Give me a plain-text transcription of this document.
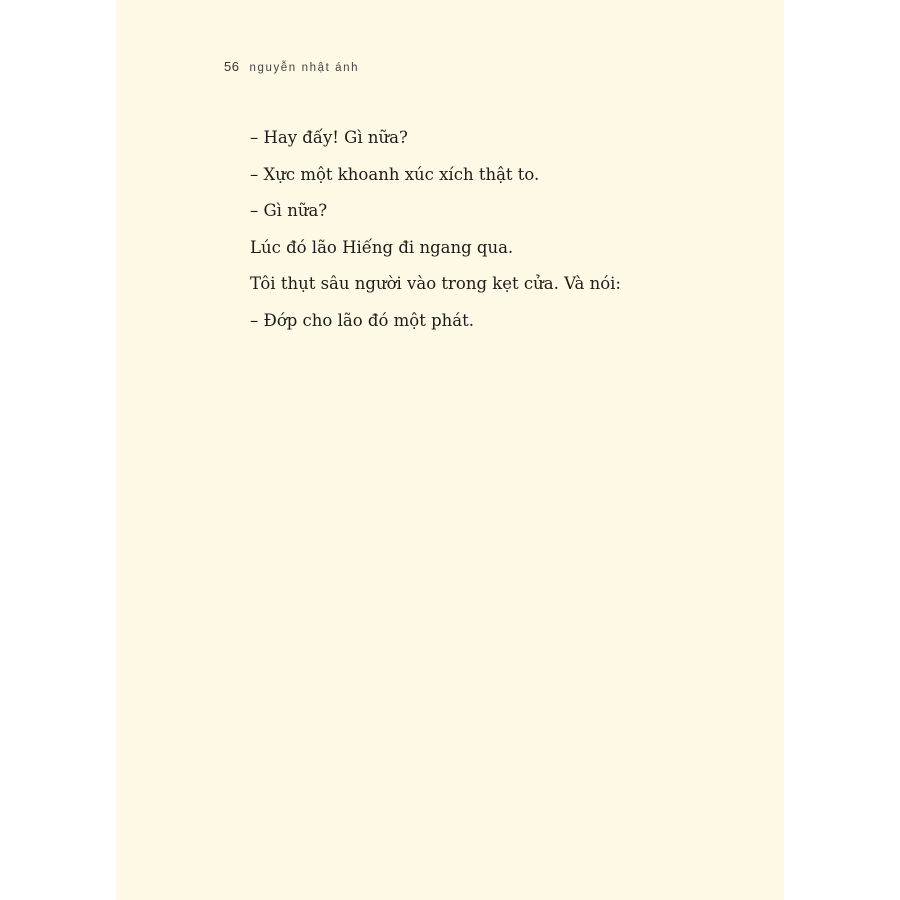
56 nguyễn nhật ánh
– Hay đấy! Gì nữa?
– Xực một khoanh xúc xích thật to.
– Gì nữa?
Lúc đó lão Hiếng đi ngang qua.
Tôi thụt sâu người vào trong kẹt cửa. Và nói:
– Đớp cho lão đó một phát.
